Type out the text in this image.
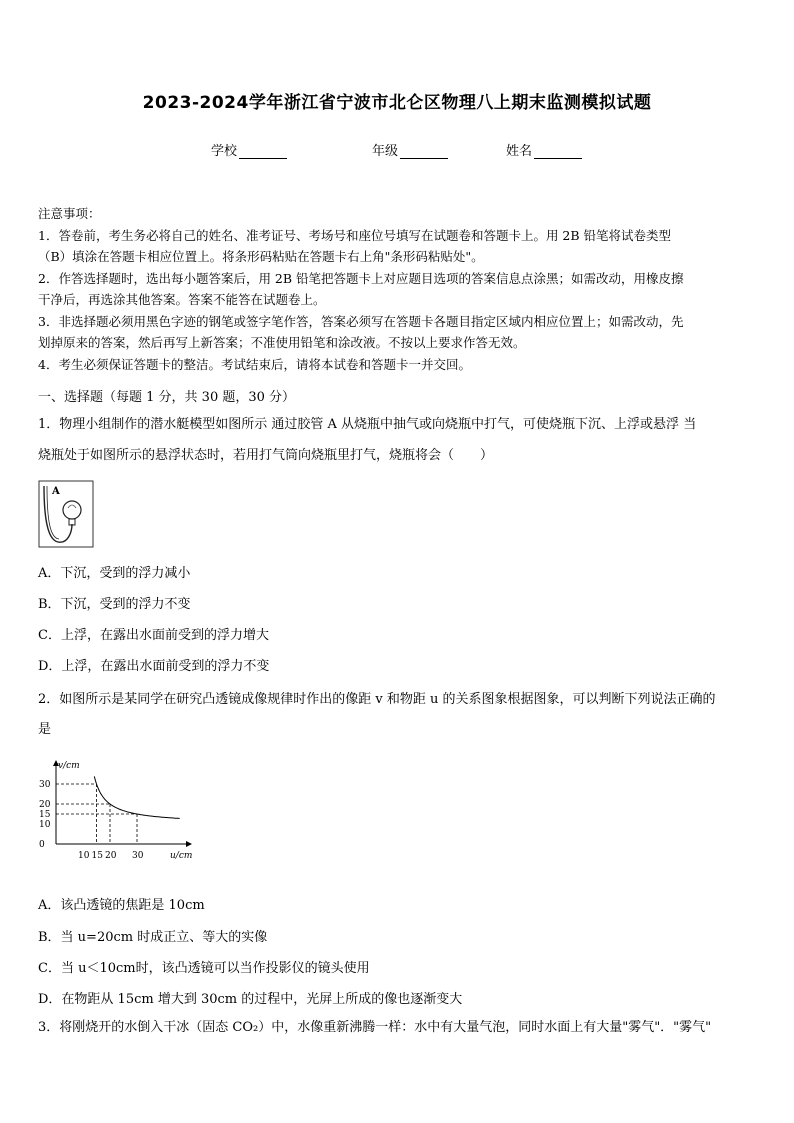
2023-2024学年浙江省宁波市北仑区物理八上期末监测模拟试题
学校	年级	姓名

注意事项：

1．答卷前，考生务必将自己的姓名、准考证号、考场号和座位号填写在试题卷和答题卡上。用 2B 铅笔将试卷类型

（B）填涂在答题卡相应位置上。将条形码粘贴在答题卡右上角"条形码粘贴处"。

2．作答选择题时，选出每小题答案后，用 2B 铅笔把答题卡上对应题目选项的答案信息点涂黑；如需改动，用橡皮擦

干净后，再选涂其他答案。答案不能答在试题卷上。

3．非选择题必须用黑色字迹的钢笔或签字笔作答，答案必须写在答题卡各题目指定区域内相应位置上；如需改动，先

划掉原来的答案，然后再写上新答案；不准使用铅笔和涂改液。不按以上要求作答无效。

4．考生必须保证答题卡的整洁。考试结束后，请将本试卷和答题卡一并交回。

一、选择题（每题 1 分，共 30 题，30 分）
1．物理小组制作的潜水艇模型如图所示 通过胶管 A 从烧瓶中抽气或向烧瓶中打气，可使烧瓶下沉、上浮或悬浮 当
烧瓶处于如图所示的悬浮状态时，若用打气筒向烧瓶里打气，烧瓶将会（　　）
A
A．下沉，受到的浮力减小
B．下沉，受到的浮力不变
C．上浮，在露出水面前受到的浮力增大
D．上浮，在露出水面前受到的浮力不变
2．如图所示是某同学在研究凸透镜成像规律时作出的像距 v 和物距 u 的关系图象根据图象，可以判断下列说法正确的
是
v/cm
u/cm
30
20
15
10
0
10 15 20 30
A．该凸透镜的焦距是 10cm
B．当 u=20cm 时成正立、等大的实像
C．当 u＜10cm时，该凸透镜可以当作投影仪的镜头使用
D．在物距从 15cm 增大到 30cm 的过程中，光屏上所成的像也逐渐变大
3．将刚烧开的水倒入干冰（固态 CO₂）中，水像重新沸腾一样：水中有大量气泡，同时水面上有大量"雾气"．"雾气"
